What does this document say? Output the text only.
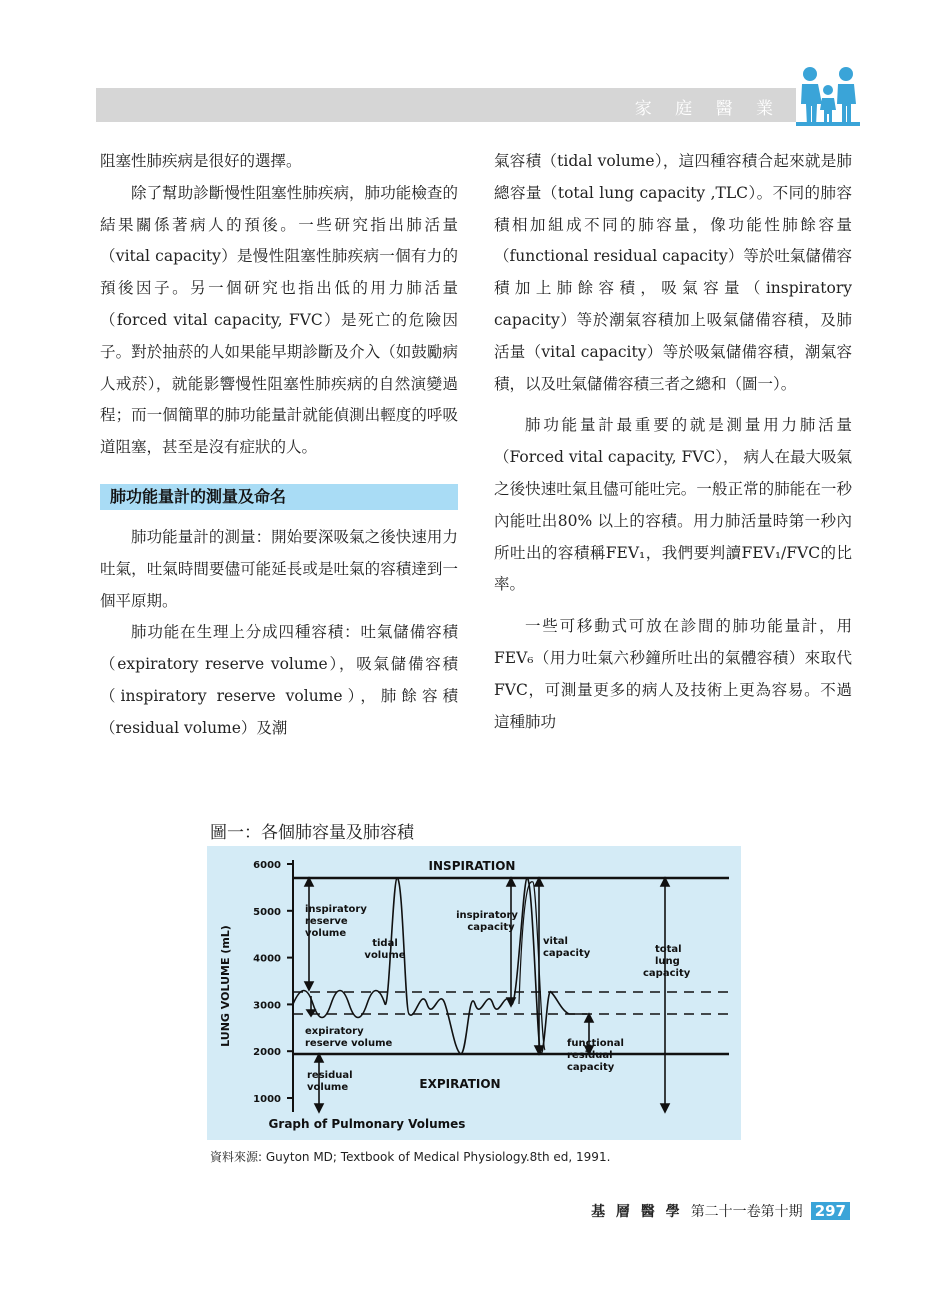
家 庭 醫 業

阻塞性肺疾病是很好的選擇。

除了幫助診斷慢性阻塞性肺疾病，肺功能檢查的結果關係著病人的預後。一些研究指出肺活量（vital capacity）是慢性阻塞性肺疾病一個有力的預後因子。另一個研究也指出低的用力肺活量（forced vital capacity, FVC）是死亡的危險因子。對於抽菸的人如果能早期診斷及介入（如鼓勵病人戒菸），就能影響慢性阻塞性肺疾病的自然演變過程；而一個簡單的肺功能量計就能偵測出輕度的呼吸道阻塞，甚至是沒有症狀的人。

肺功能量計的測量及命名

肺功能量計的測量：開始要深吸氣之後快速用力吐氣，吐氣時間要儘可能延長或是吐氣的容積達到一個平原期。

肺功能在生理上分成四種容積：吐氣儲備容積（expiratory reserve volume），吸氣儲備容積（inspiratory reserve volume），肺餘容積（residual volume）及潮

氣容積（tidal volume），這四種容積合起來就是肺總容量（total lung capacity ,TLC）。不同的肺容積相加組成不同的肺容量，像功能性肺餘容量（functional residual capacity）等於吐氣儲備容積加上肺餘容積，吸氣容量（inspiratory capacity）等於潮氣容積加上吸氣儲備容積，及肺活量（vital capacity）等於吸氣儲備容積，潮氣容積，以及吐氣儲備容積三者之總和（圖一）。

肺功能量計最重要的就是測量用力肺活量（Forced vital capacity, FVC）， 病人在最大吸氣之後快速吐氣且儘可能吐完。一般正常的肺能在一秒內能吐出80% 以上的容積。用力肺活量時第一秒內所吐出的容積稱FEV₁，我們要判讀FEV₁/FVC的比率。

一些可移動式可放在診間的肺功能量計，用FEV₆（用力吐氣六秒鐘所吐出的氣體容積）來取代FVC，可測量更多的病人及技術上更為容易。不過這種肺功

圖一：各個肺容量及肺容積
6000
5000
4000
3000
2000
1000
LUNG VOLUME (mL)
INSPIRATION
EXPIRATION
inspiratory reserve volume
tidal volume
inspiratory capacity
vital capacity	total lung capacity
expiratory reserve volume	functional residual capacity
residual volume
Graph of Pulmonary Volumes
資料來源: Guyton MD; Textbook of Medical Physiology.8th ed, 1991.
基 層 醫 學 第二十一卷第十期 297
